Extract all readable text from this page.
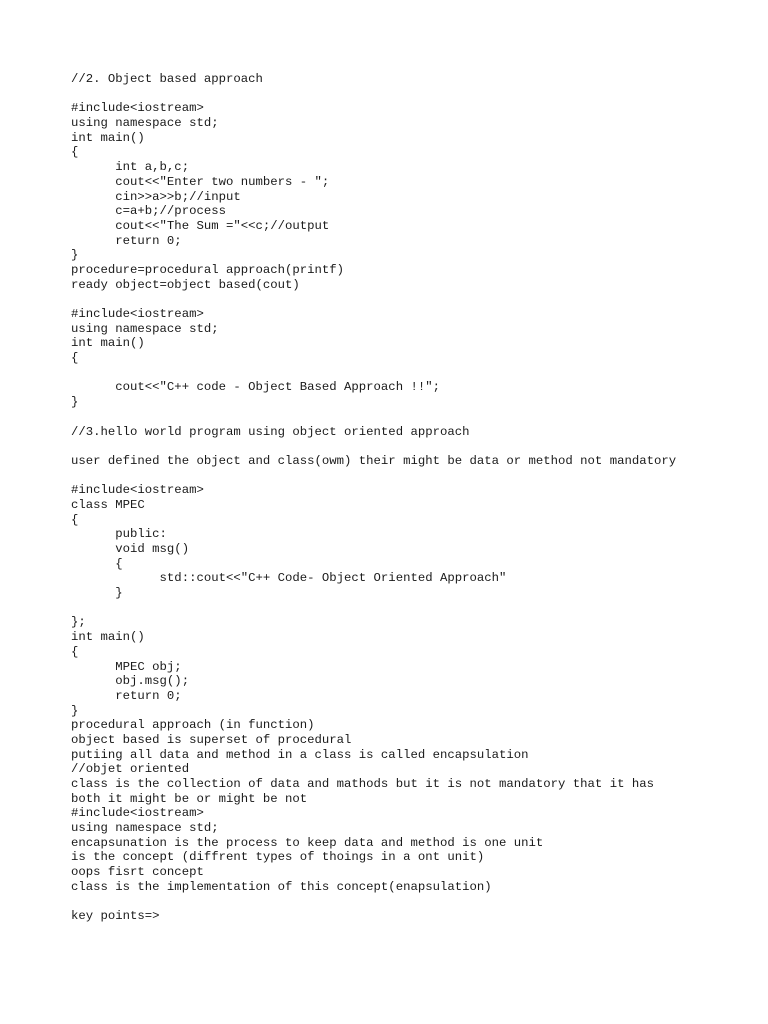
//2. Object based approach
#include<iostream>
using namespace std;
int main()
{
int a,b,c;
cout<<"Enter two numbers - ";
cin>>a>>b;//input
c=a+b;//process
cout<<"The Sum ="<<c;//output
return 0;
}
procedure=procedural approach(printf)
ready object=object based(cout)
#include<iostream>
using namespace std;
int main()
{
cout<<"C++ code - Object Based Approach !!";
}
//3.hello world program using object oriented approach
user defined the object and class(owm) their might be data or method not mandatory
#include<iostream>
class MPEC
{
public:
void msg()
{
std::cout<<"C++ Code- Object Oriented Approach"
}
};
int main()
{
MPEC obj;
obj.msg();
return 0;
}
procedural approach (in function)
object based is superset of procedural
putiing all data and method in a class is called encapsulation
//objet oriented
class is the collection of data and mathods but it is not mandatory that it has
both it might be or might be not
#include<iostream>
using namespace std;
encapsunation is the process to keep data and method is one unit
is the concept (diffrent types of thoings in a ont unit)
oops fisrt concept
class is the implementation of this concept(enapsulation)
key points=>
